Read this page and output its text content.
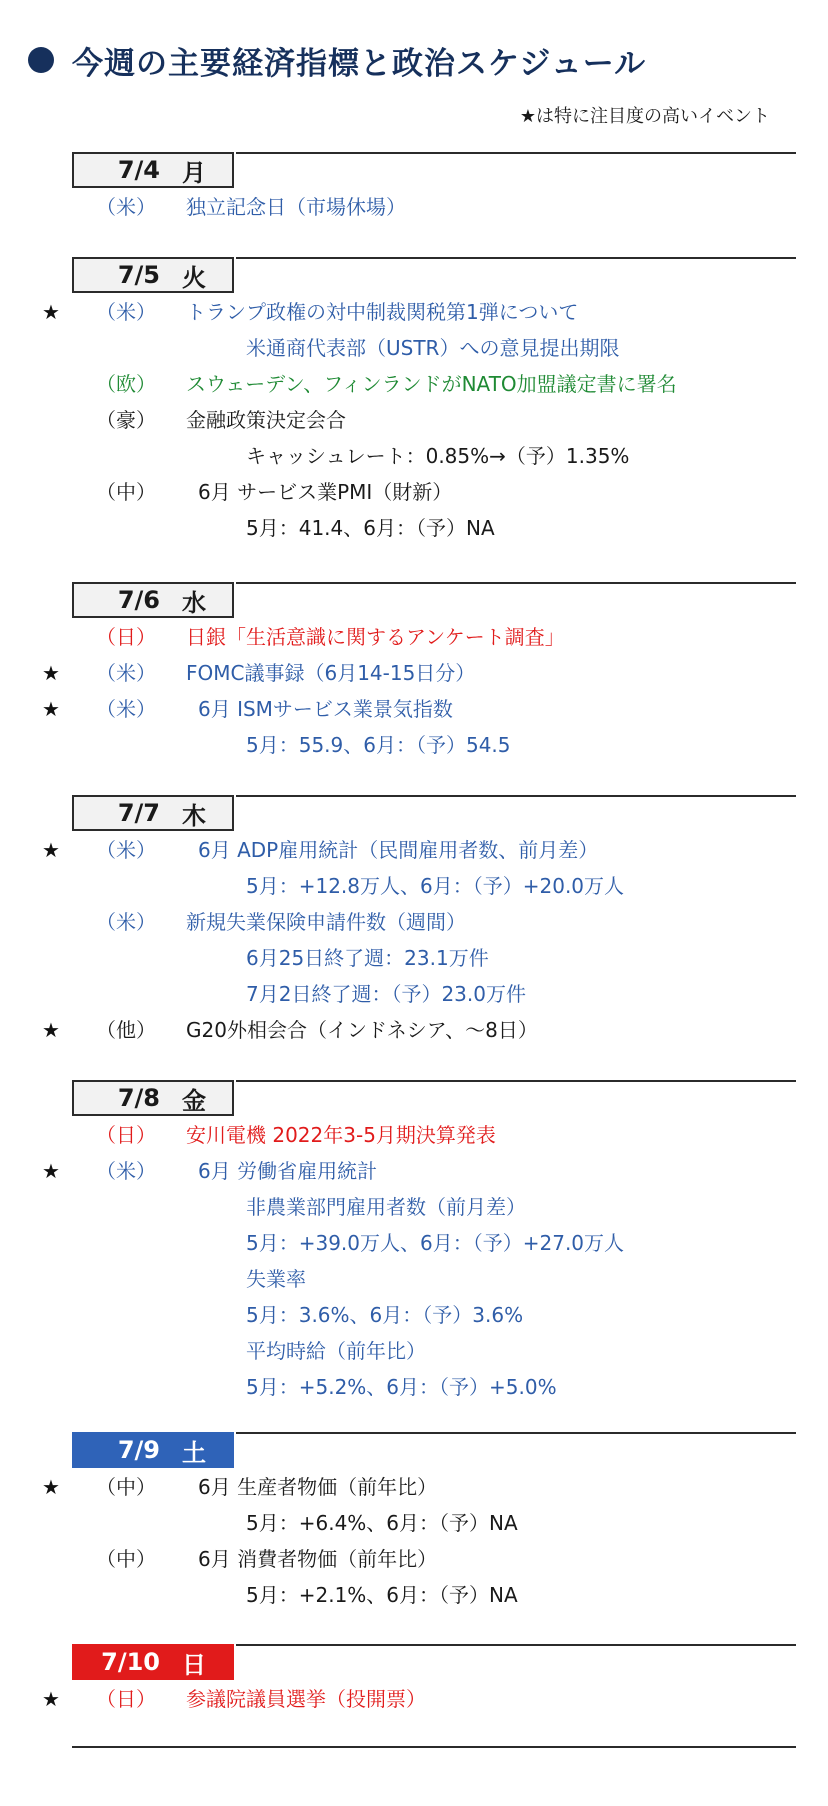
今週の主要経済指標と政治スケジュール
★は特に注目度の高いイベント
7/4 月
（米） 独立記念日（市場休場）
7/5 火
★ （米） トランプ政権の対中制裁関税第1弾について
米通商代表部（USTR）への意見提出期限
（欧） スウェーデン、フィンランドがNATO加盟議定書に署名
（豪） 金融政策決定会合
キャッシュレート：0.85%→（予）1.35%
（中） 6月 サービス業PMI（財新）
5月：41.4、6月：（予）NA
7/6 水
（日） 日銀「生活意識に関するアンケート調査」
★ （米） FOMC議事録（6月14-15日分）
★ （米） 6月 ISMサービス業景気指数
5月：55.9、6月：（予）54.5
7/7 木
★ （米） 6月 ADP雇用統計（民間雇用者数、前月差）
5月：+12.8万人、6月：（予）+20.0万人
（米） 新規失業保険申請件数（週間）
6月25日終了週：23.1万件
7月2日終了週：（予）23.0万件
★ （他） G20外相会合（インドネシア、～8日）
7/8 金
（日） 安川電機 2022年3-5月期決算発表
★ （米） 6月 労働省雇用統計
非農業部門雇用者数（前月差）
5月：+39.0万人、6月：（予）+27.0万人
失業率
5月：3.6%、6月：（予）3.6%
平均時給（前年比）
5月：+5.2%、6月：（予）+5.0%
7/9 土
★ （中） 6月 生産者物価（前年比）
5月：+6.4%、6月：（予）NA
（中） 6月 消費者物価（前年比）
5月：+2.1%、6月：（予）NA
7/10 日
★ （日） 参議院議員選挙（投開票）
